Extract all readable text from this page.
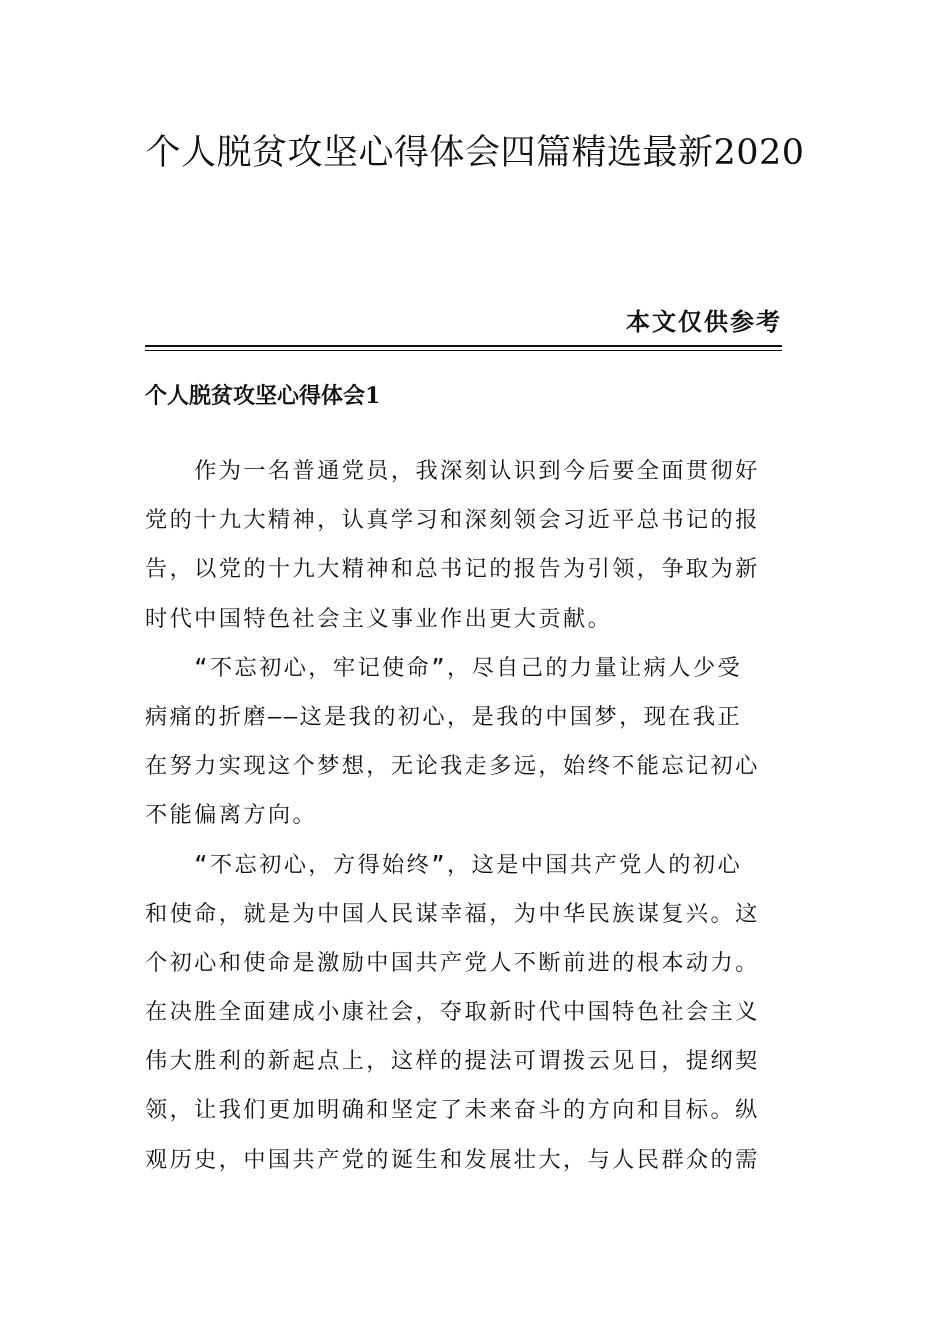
个人脱贫攻坚心得体会四篇精选最新2020
本文仅供参考
个人脱贫攻坚心得体会1
　　作为一名普通党员，我深刻认识到今后要全面贯彻好
党的十九大精神，认真学习和深刻领会习近平总书记的报
告，以党的十九大精神和总书记的报告为引领，争取为新
时代中国特色社会主义事业作出更大贡献。
　　“不忘初心，牢记使命”，尽自己的力量让病人少受
病痛的折磨——这是我的初心，是我的中国梦，现在我正
在努力实现这个梦想，无论我走多远，始终不能忘记初心
不能偏离方向。
　　“不忘初心，方得始终”，这是中国共产党人的初心
和使命，就是为中国人民谋幸福，为中华民族谋复兴。这
个初心和使命是激励中国共产党人不断前进的根本动力。
在决胜全面建成小康社会，夺取新时代中国特色社会主义
伟大胜利的新起点上，这样的提法可谓拨云见日，提纲契
领，让我们更加明确和坚定了未来奋斗的方向和目标。纵
观历史，中国共产党的诞生和发展壮大，与人民群众的需
